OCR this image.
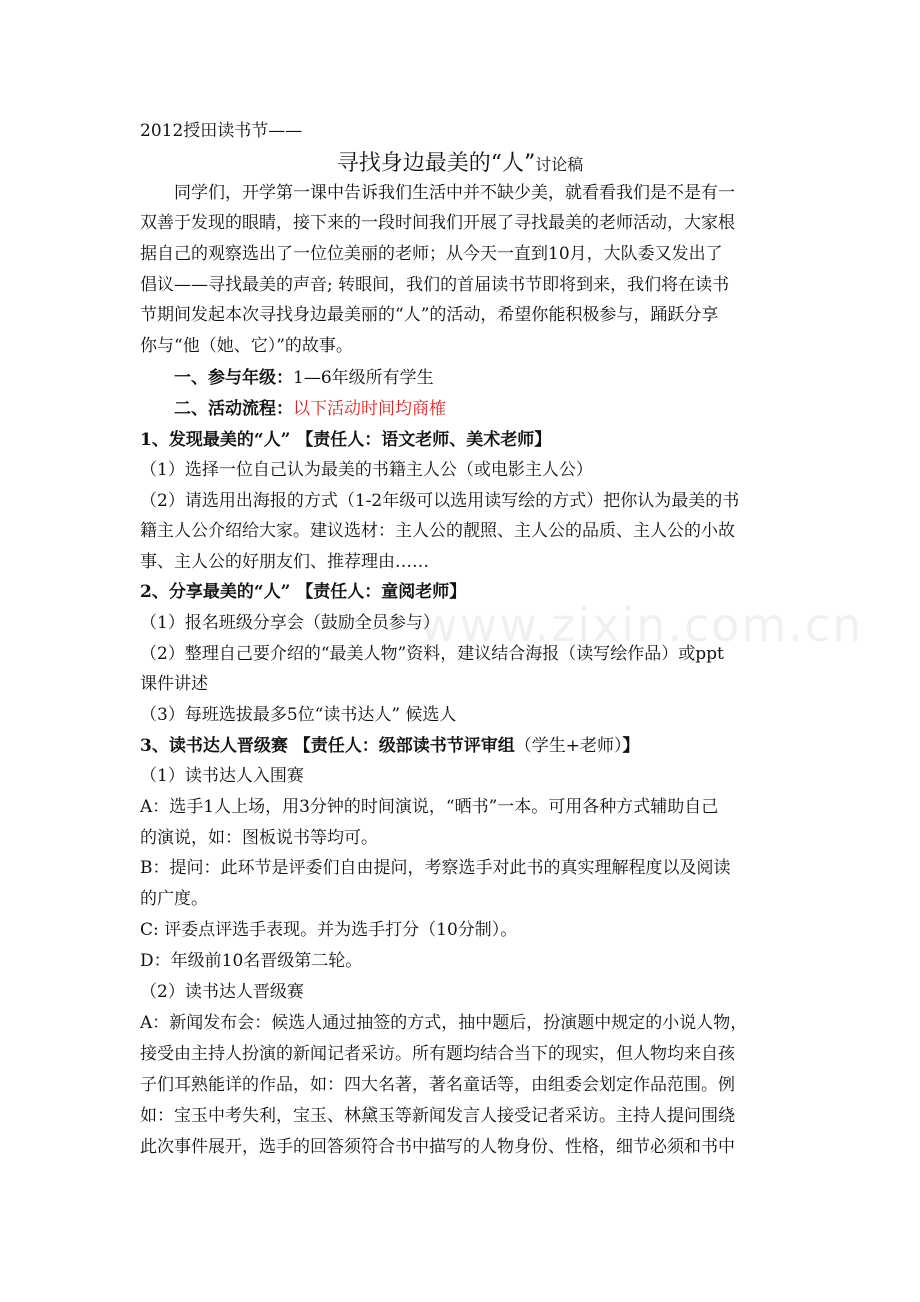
2012授田读书节——
寻找身边最美的“人”讨论稿
同学们，开学第一课中告诉我们生活中并不缺少美，就看看我们是不是有一
双善于发现的眼睛，接下来的一段时间我们开展了寻找最美的老师活动，大家根
据自己的观察选出了一位位美丽的老师；从今天一直到10月，大队委又发出了
倡议——寻找最美的声音; 转眼间，我们的首届读书节即将到来，我们将在读书
节期间发起本次寻找身边最美丽的“人”的活动，希望你能积极参与，踊跃分享
你与“他（她、它）”的故事。
一、参与年级：1—6年级所有学生
二、活动流程：以下活动时间均商榷
1、发现最美的“人” 【责任人：语文老师、美术老师】
（1）选择一位自己认为最美的书籍主人公（或电影主人公）
（2）请选用出海报的方式（1-2年级可以选用读写绘的方式）把你认为最美的书
籍主人公介绍给大家。建议选材：主人公的靓照、主人公的品质、主人公的小故
事、主人公的好朋友们、推荐理由……
2、分享最美的“人” 【责任人：童阅老师】
（1）报名班级分享会（鼓励全员参与）
（2）整理自己要介绍的“最美人物”资料，建议结合海报（读写绘作品）或ppt
课件讲述
（3）每班选拔最多5位“读书达人” 候选人
3、读书达人晋级赛 【责任人：级部读书节评审组（学生+老师）】
（1）读书达人入围赛
A：选手1人上场，用3分钟的时间演说，“晒书”一本。可用各种方式辅助自己
的演说，如：图板说书等均可。
B：提问：此环节是评委们自由提问，考察选手对此书的真实理解程度以及阅读
的广度。
C: 评委点评选手表现。并为选手打分（10分制）。
D：年级前10名晋级第二轮。
（2）读书达人晋级赛
A：新闻发布会：候选人通过抽签的方式，抽中题后，扮演题中规定的小说人物，
接受由主持人扮演的新闻记者采访。所有题均结合当下的现实，但人物均来自孩
子们耳熟能详的作品，如：四大名著，著名童话等，由组委会划定作品范围。例
如：宝玉中考失利，宝玉、林黛玉等新闻发言人接受记者采访。主持人提问围绕
此次事件展开，选手的回答须符合书中描写的人物身份、性格，细节必须和书中
www.zixin.com.cn
